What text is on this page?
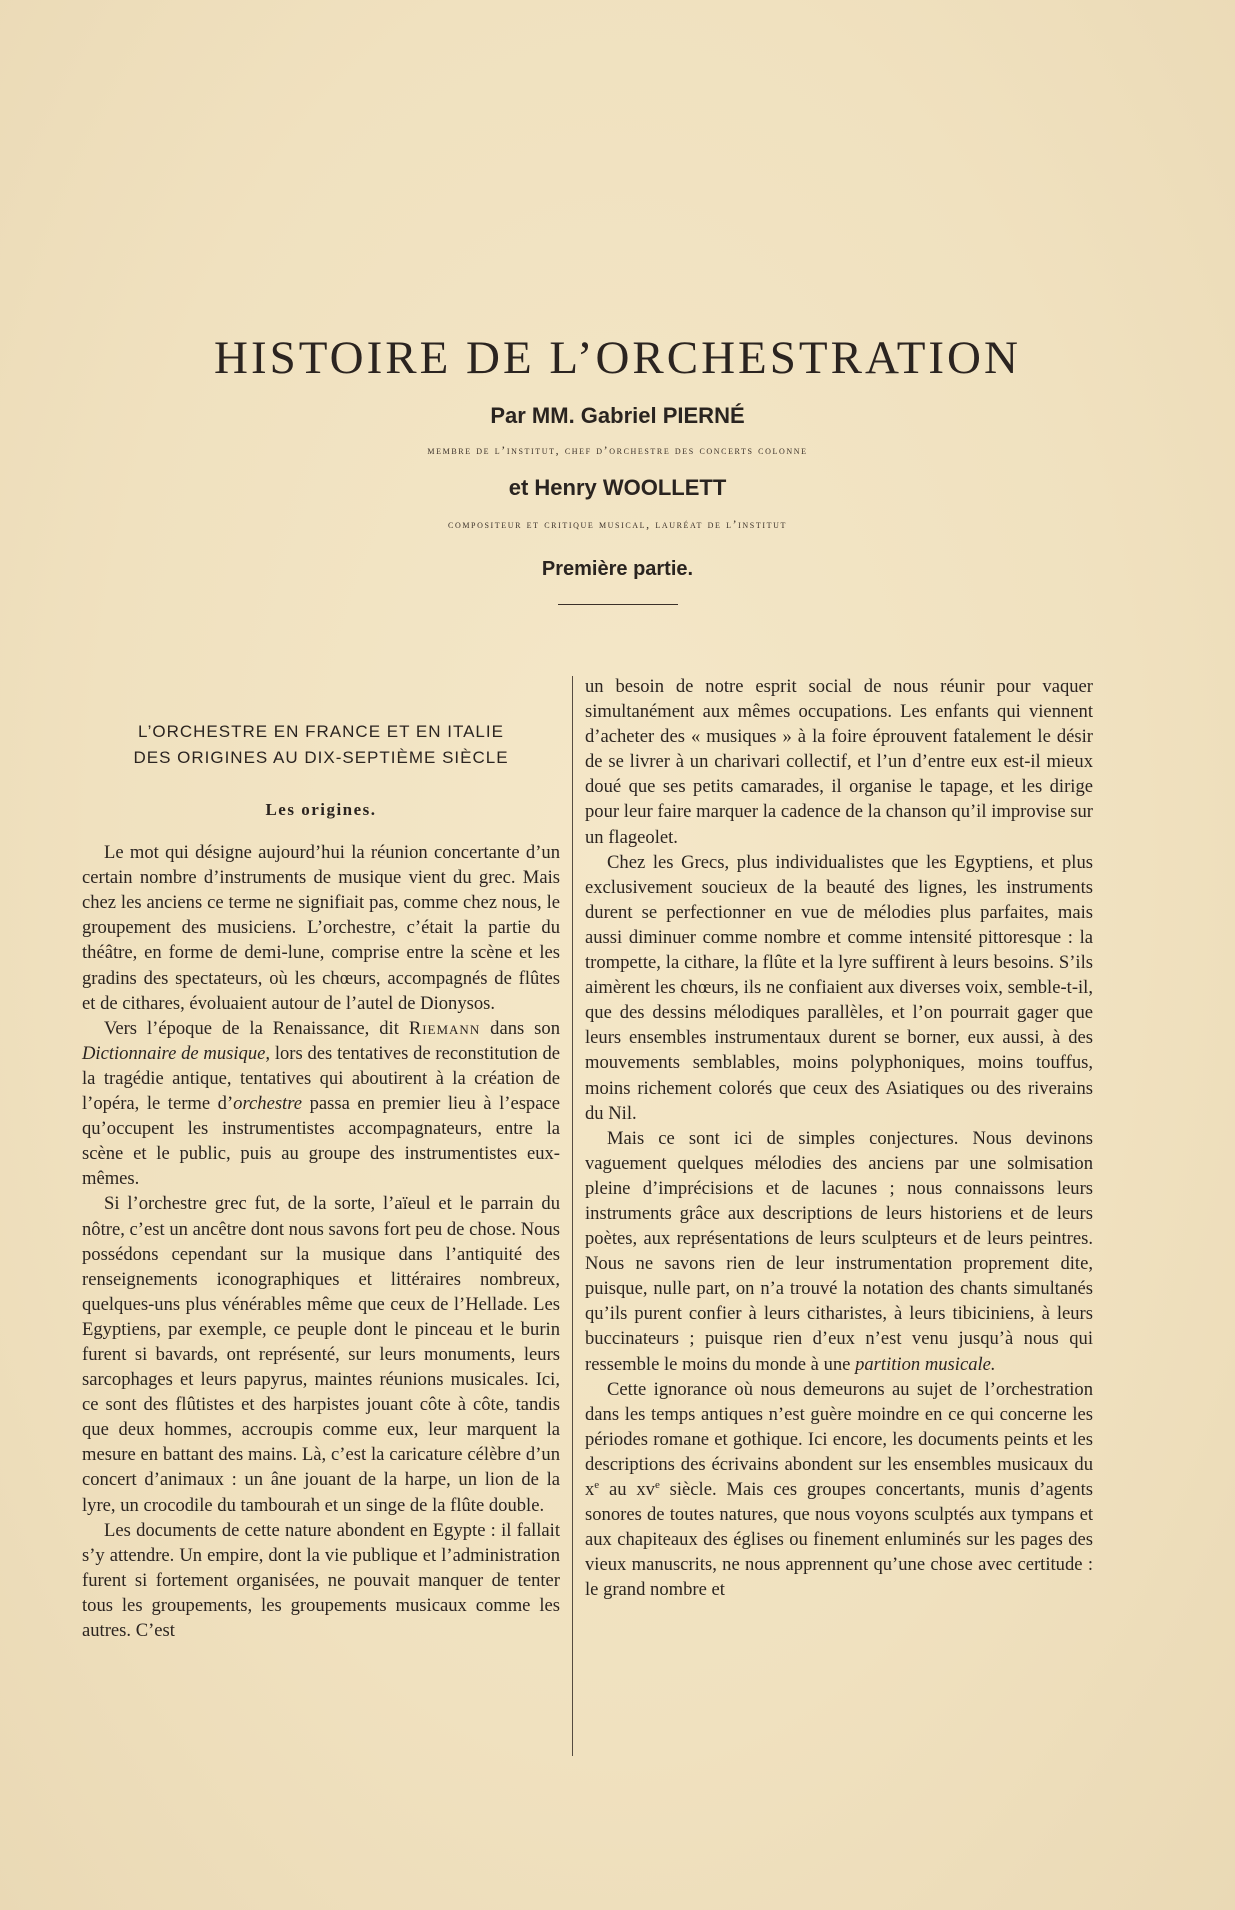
HISTOIRE DE L’ORCHESTRATION
Par MM. Gabriel PIERNÉ
membre de l’institut, chef d’orchestre des concerts colonne
et Henry WOOLLETT
compositeur et critique musical, lauréat de l’institut
Première partie.
L’ORCHESTRE EN FRANCE ET EN ITALIE
DES ORIGINES AU DIX-SEPTIÈME SIÈCLE
Les origines.

Le mot qui désigne aujourd’hui la réunion concertante d’un certain nombre d’instruments de musique vient du grec. Mais chez les anciens ce terme ne signifiait pas, comme chez nous, le groupement des musiciens. L’orchestre, c’était la partie du théâtre, en forme de demi-lune, comprise entre la scène et les gradins des spectateurs, où les chœurs, accompagnés de flûtes et de cithares, évoluaient autour de l’autel de Dionysos.

Vers l’époque de la Renaissance, dit Riemann dans son Dictionnaire de musique, lors des tentatives de reconstitution de la tragédie antique, tentatives qui aboutirent à la création de l’opéra, le terme d’orchestre passa en premier lieu à l’espace qu’occupent les instrumentistes accompagnateurs, entre la scène et le public, puis au groupe des instrumentistes eux-mêmes.

Si l’orchestre grec fut, de la sorte, l’aïeul et le parrain du nôtre, c’est un ancêtre dont nous savons fort peu de chose. Nous possédons cependant sur la musique dans l’antiquité des renseignements iconographiques et littéraires nombreux, quelques-uns plus vénérables même que ceux de l’Hellade. Les Egyptiens, par exemple, ce peuple dont le pinceau et le burin furent si bavards, ont représenté, sur leurs monuments, leurs sarcophages et leurs papyrus, maintes réunions musicales. Ici, ce sont des flûtistes et des harpistes jouant côte à côte, tandis que deux hommes, accroupis comme eux, leur marquent la mesure en battant des mains. Là, c’est la caricature célèbre d’un concert d’animaux : un âne jouant de la harpe, un lion de la lyre, un crocodile du tambourah et un singe de la flûte double.

Les documents de cette nature abondent en Egypte : il fallait s’y attendre. Un empire, dont la vie publique et l’administration furent si fortement organisées, ne pouvait manquer de tenter tous les groupements, les groupements musicaux comme les autres. C’est

un besoin de notre esprit social de nous réunir pour vaquer simultanément aux mêmes occupations. Les enfants qui viennent d’acheter des « musiques » à la foire éprouvent fatalement le désir de se livrer à un charivari collectif, et l’un d’entre eux est-il mieux doué que ses petits camarades, il organise le tapage, et les dirige pour leur faire marquer la cadence de la chanson qu’il improvise sur un flageolet.

Chez les Grecs, plus individualistes que les Egyptiens, et plus exclusivement soucieux de la beauté des lignes, les instruments durent se perfectionner en vue de mélodies plus parfaites, mais aussi diminuer comme nombre et comme intensité pittoresque : la trompette, la cithare, la flûte et la lyre suffirent à leurs besoins. S’ils aimèrent les chœurs, ils ne confiaient aux diverses voix, semble-t-il, que des dessins mélodiques parallèles, et l’on pourrait gager que leurs ensembles instrumentaux durent se borner, eux aussi, à des mouvements semblables, moins polyphoniques, moins touffus, moins richement colorés que ceux des Asiatiques ou des riverains du Nil.

Mais ce sont ici de simples conjectures. Nous devinons vaguement quelques mélodies des anciens par une solmisation pleine d’imprécisions et de lacunes ; nous connaissons leurs instruments grâce aux descriptions de leurs historiens et de leurs poètes, aux représentations de leurs sculpteurs et de leurs peintres. Nous ne savons rien de leur instrumentation proprement dite, puisque, nulle part, on n’a trouvé la notation des chants simultanés qu’ils purent confier à leurs citharistes, à leurs tibiciniens, à leurs buccinateurs ; puisque rien d’eux n’est venu jusqu’à nous qui ressemble le moins du monde à une partition musicale.

Cette ignorance où nous demeurons au sujet de l’orchestration dans les temps antiques n’est guère moindre en ce qui concerne les périodes romane et gothique. Ici encore, les documents peints et les descriptions des écrivains abondent sur les ensembles musicaux du $x^e$ au $xv^e$ siècle. Mais ces groupes concertants, munis d’agents sonores de toutes natures, que nous voyons sculptés aux tympans et aux chapiteaux des églises ou finement enluminés sur les pages des vieux manuscrits, ne nous apprennent qu’une chose avec certitude : le grand nombre et
